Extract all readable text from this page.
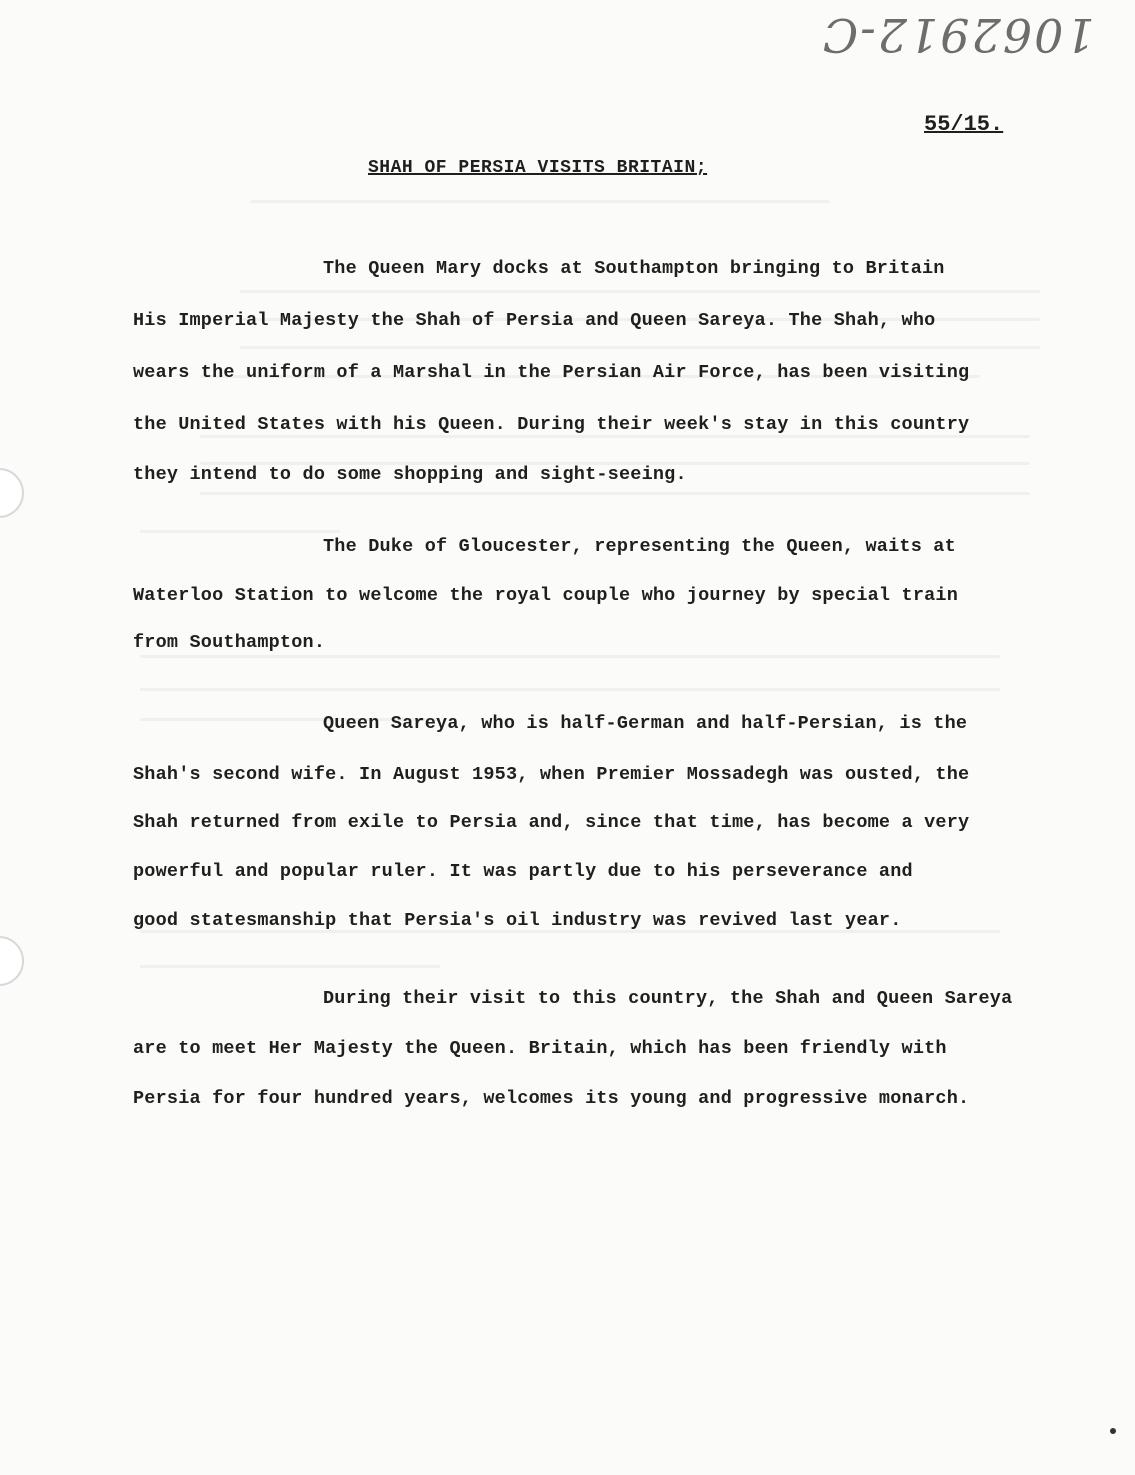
1062912-C
55/15.
SHAH OF PERSIA VISITS BRITAIN;
The Queen Mary docks at Southampton bringing to Britain
His Imperial Majesty the Shah of Persia and Queen Sareya. The Shah, who
wears the uniform of a Marshal in the Persian Air Force, has been visiting
the United States with his Queen. During their week's stay in this country
they intend to do some shopping and sight-seeing.
The Duke of Gloucester, representing the Queen, waits at
Waterloo Station to welcome the royal couple who journey by special train
from Southampton.
Queen Sareya, who is half-German and half-Persian, is the
Shah's second wife. In August 1953, when Premier Mossadegh was ousted, the
Shah returned from exile to Persia and, since that time, has become a very
powerful and popular ruler. It was partly due to his perseverance and
good statesmanship that Persia's oil industry was revived last year.
During their visit to this country, the Shah and Queen Sareya
are to meet Her Majesty the Queen. Britain, which has been friendly with
Persia for four hundred years, welcomes its young and progressive monarch.
